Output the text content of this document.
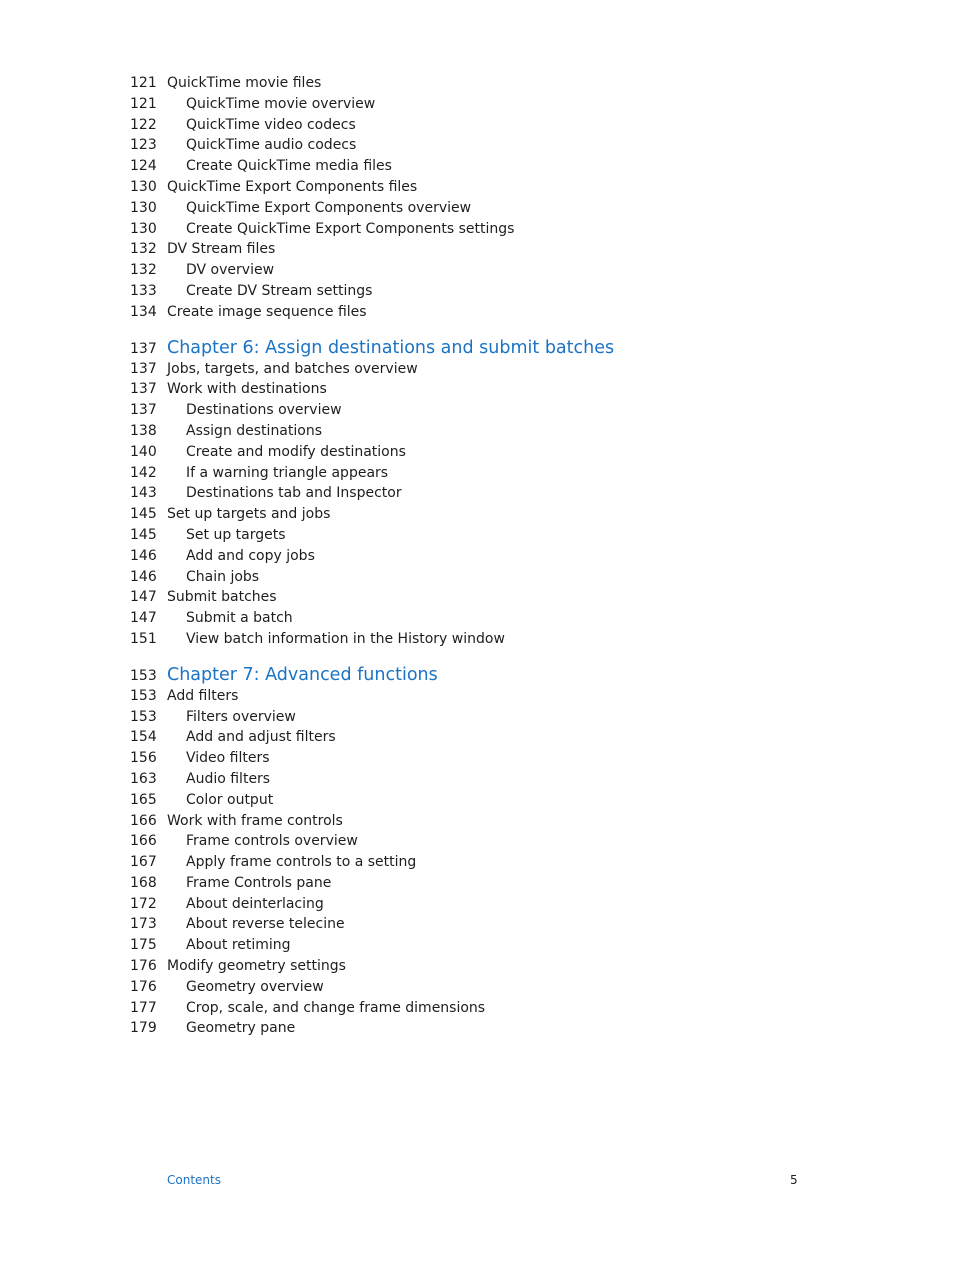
121 QuickTime movie files
121	QuickTime movie overview
122	QuickTime video codecs
123	QuickTime audio codecs
124	Create QuickTime media files
130 QuickTime Export Components files
130	QuickTime Export Components overview
130	Create QuickTime Export Components settings
132 DV Stream files
132	DV overview
133	Create DV Stream settings
134 Create image sequence files
137 Chapter 6: Assign destinations and submit batches
137 Jobs, targets, and batches overview
137 Work with destinations
137	Destinations overview
138	Assign destinations
140	Create and modify destinations
142	If a warning triangle appears
143	Destinations tab and Inspector
145 Set up targets and jobs
145	Set up targets
146	Add and copy jobs
146	Chain jobs
147 Submit batches
147	Submit a batch
151	View batch information in the History window
153 Chapter 7: Advanced functions
153 Add filters
153	Filters overview
154	Add and adjust filters
156	Video filters
163	Audio filters
165	Color output
166 Work with frame controls
166	Frame controls overview
167	Apply frame controls to a setting
168	Frame Controls pane
172	About deinterlacing
173	About reverse telecine
175	About retiming
176 Modify geometry settings
176	Geometry overview
177	Crop, scale, and change frame dimensions
179	Geometry pane
Contents	5
